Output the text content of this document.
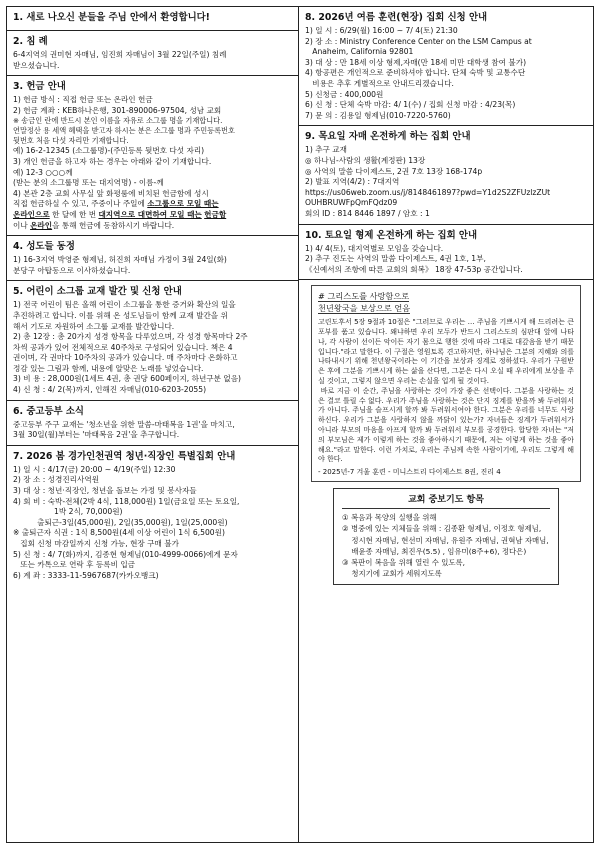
1. 새로 나오신 분들을 주님 안에서 환영합니다!
2. 침 례
6-4지역의 권미현 자매님, 임진희 자매님이 3월 22일(주일) 침례
받으셨습니다.
3. 헌금 안내
1) 헌금 방식 : 직접 헌금 또는 온라인 헌금
2) 헌금 계좌 : KEB하나은행, 301-890006-97504, 성남 교회
※ 송금인 란에 반드시 본인 이름을 자유로 소그룹 명을 기재합니다.
연말정산 용 세액 혜택을 받고자 하시는 분은 소그룹 명과 주민등록번호
뒷번호 처음 다섯 자리만 기재합니다.
예) 16-2-12345 (소그룹명)-(주민등록 뒷번호 다섯 자리)
3) 개인 헌금을 하고자 하는 경우는 아래와 같이 기재합니다.
예) 12-3 ○○○께
(받는 분의 소그룹명 또는 대지역명) - 이름-께
4) 본관 2층 교회 사무실 앞 화평룸에 비치된 헌금함에 성시
직접 헌금하실 수 있고, 주중이나 주일에 소그룹으로 모일 때는
온라인으로 한 달에 한 번 대지역으로 대면하여 모일 때는 헌금함
이나 온라인을 통해 헌금에 동참하시기 바랍니다.
4. 성도들 동정
1) 16-3지역 박영준 형제님, 허진희 자매님 가정이 3월 24일(화)
분당구 아탑동으로 이사하셨습니다.
5. 어린이 소그룹 교재 발간 및 신청 안내
1) 전국 어린이 팀은 올해 어린이 소그룹을 통한 증거와 확산의 일을
추진하려고 합니다. 이를 위해 온 성도님들이 함께 교재 발간을 위
해서 기도로 자원하여 소그룹 교재를 발간합니다.
2) 총 12장 : 총 20가지 성경 항목을 다루었으며, 각 성경 항목마다 2주
차씩 공과가 있어 전체적으로 40주차로 구성되어 있습니다. 책은 4
권이며, 각 권마다 10주차의 공과가 있습니다. 매 주차마다 온화하고
정감 있는 그림과 함께, 내용에 알맞은 노래를 넣었습니다.
3) 비 용 : 28,000원(1세트 4권, 총 권당 600페이지, 하년구분 없음)
4) 신 청 : 4/ 2(목)까지, 인해진 자매님(010-6203-2055)
6. 중고등부 소식
중고등부 주구 교재는 '청소년을 위한 말씀-마태복음 1권'을 마치고,
3월 30일(월)부터는 '마태복음 2권'을 추구합니다.
7. 2026 봄 경가인천권역 청년·직장인 특별집회 안내
1) 일 시 : 4/17(금) 20:00 ~ 4/19(주일) 12:30
2) 장 소 : 성경진리사역원
3) 대 상 : 청년·직장인, 청년을 돌보는 가정 및 봉사자들
4) 회 비 : 숙박-전체(2박 4식, 118,000원) 1일(금요일 또는 토요일,
1박 2식, 70,000원)
출퇴근-3일(45,000원), 2일(35,000원), 1일(25,000원)
※ 출퇴근자 식권 : 1식 8,500원(4세 이상 어린이 1식 6,500원)
집회 신청 마감일까지 신청 가능, 현장 구매 불가
5) 신 청 : 4/ 7(화)까지, 김종현 형제님(010-4999-0066)에게 문자
또는 카톡으로 연락 후 등록비 입금
6) 계 좌 : 3333-11-5967687(카카오뱅크)
8. 2026년 여름 훈련(현장) 집회 신청 안내
1) 일 시 : 6/29(월) 16:00 ~ 7/ 4(토) 21:30
2) 장 소 : Ministry Conference Center on the LSM Campus at
Anaheim, California 92801
3) 대 상 : 만 18세 이상 형제,자매(만 18세 미만 대학생 참여 불가)
4) 항공편은 개인적으로 준비하셔야 합니다. 단체 숙박 및 교통수단
비용은 추후 게별적으로 안내드리겠습니다.
5) 신청금 : 400,000원
6) 신 청 : 단체 숙박 마감: 4/ 1(수) / 집회 신청 마감 : 4/23(목)
7) 문 의 : 김용일 형제님(010-7220-5760)
9. 목요일 자매 온전하게 하는 집회 안내
1) 추구 교재
◎ 하나님-사람의 생활(계정판) 13장
◎ 사역의 말씀 다이제스트, 2권 7호 13장 168-174p
2) 발표 지역(4/2) : 7대지역
https://us06web.zoom.us/j/8148461897?pwd=Y1d2S2ZFUzlzZUt
OUHBRUWFpQmFQdz09
회의 ID : 814 8446 1897 / 암호 : 1
10. 토요일 형제 온전하게 하는 집회 안내
1) 4/ 4(토), 대지역별로 모임을 갖습니다.
2) 추구 진도는 사역의 말씀 다이제스트, 4권 1호, 1부,
《신예서의 조항에 따른 교회의 회복》 18장 47-53p 공간입니다.
# 그리스도를 사랑함으로
천년왕국을 보상으로 얻음
고린도후서 5장 9절과 10절은 "그러므로 우리는 … 주님을 기쁘시게 해 드리려는 큰 포부를 품고 있습니다. 왜냐하면 우리 모두가 반드시 그리스도의 심판대 앞에 나타나, 각 사람이 선이든 악이든 자기 몸으로 행한 것에 따라 그대로 대갚음을 받기 때문입니다."라고 말한다. 이 구절은 영원토록 견고하지만, 하나님은 그분의 지혜와 의를 나타내시기 위해 천년왕국이라는 이 기간을 보상과 징계로 정하셨다. 우리가 구원받은 후에 그분을 기쁘시게 하는 삶을 산다면, 그분은 다시 오실 때 우리에게 보상을 주실 것이고, 그렇지 않으면 우리는 손실을 입게 될 것이다.
바로 지금 이 순간, 주님을 사랑하는 것이 가장 좋은 선택이다. 그분을 사랑하는 것은 결코 틀릴 수 없다. 우리가 주님을 사랑하는 것은 단지 징계를 받을까 봐 두려워서가 아니다. 주님을 슬프시게 할까 봐 두려워서여야 한다. 그분은 우리를 너무도 사랑하신다. 우리가 그분을 사랑하지 않을 까닭이 있는가? 자녀들은 징계가 두려워서가 아니라 부모의 마음을 아프게 할까 봐 두려워서 부모를 공경한다. 합당한 자녀는 "저의 부모님은 제가 이렇게 하는 것을 좋아하시기 때문에, 저는 이렇게 하는 것을 좋아해요."라고 말한다. 이런 가치로, 우리는 주님께 속한 사람이기에, 우리도 그렇게 해야 한다.
- 2025년-7 겨울 훈련 - 미니스트리 다이제스트 8권, 진리 4
교회 중보기도 항목
① 복음과 목양의 실행을 위해
② 병중에 있는 지체들을 위해 : 김종환 형제님, 이정호 형제님,
정시현 자매님, 현선미 자매님, 유원주 자매님, 권혁남 자매님,
배윤종 자매님, 최진우(5.5) , 임유미(8주+6), 정다은)
③ 복판이 복음을 위해 열린 수 있도록,
청지기에 교회가 세워지도록
